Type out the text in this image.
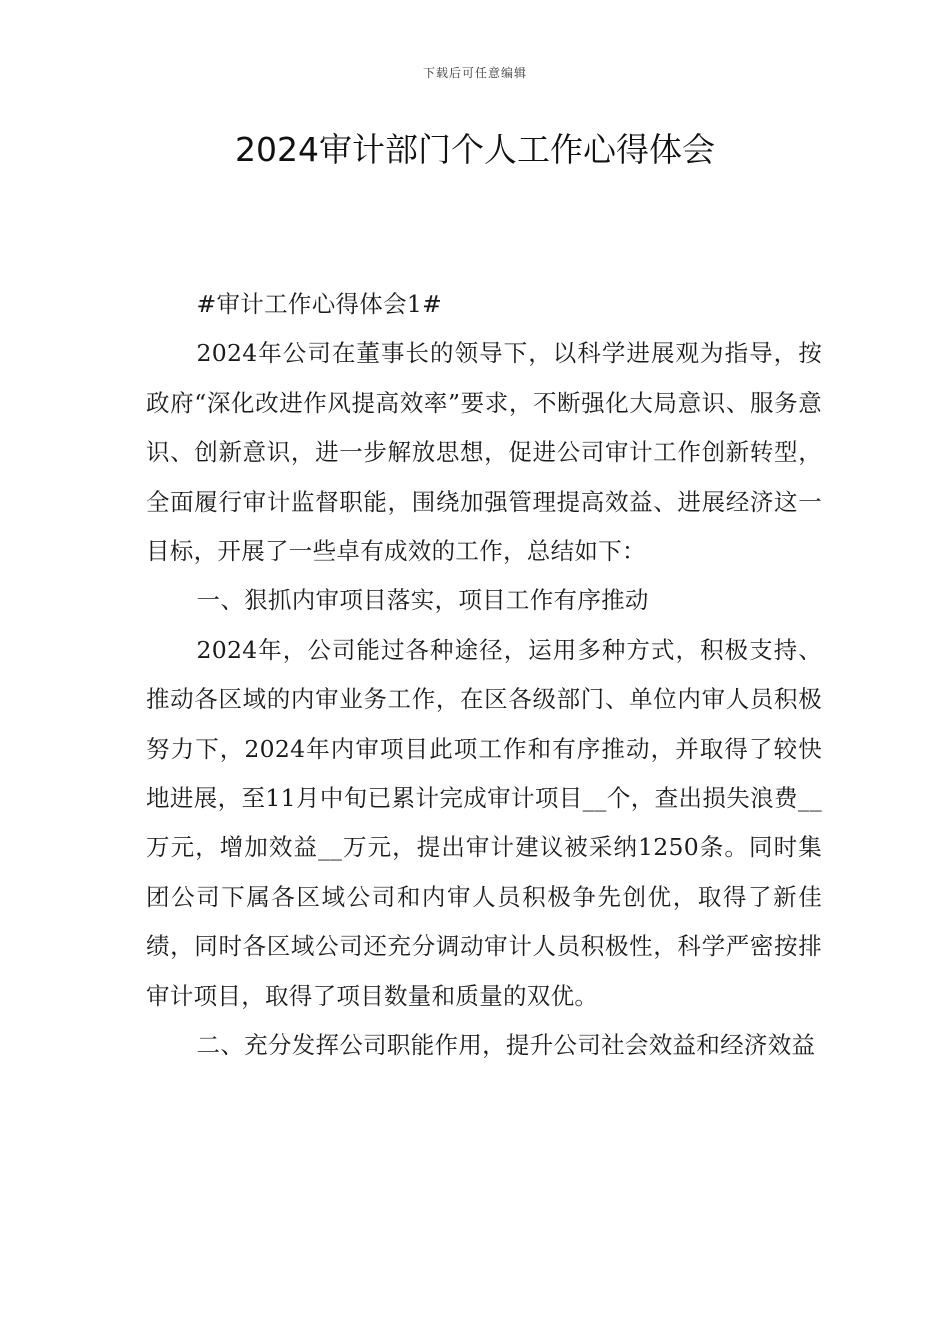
下载后可任意编辑
2024审计部门个人工作心得体会

#审计工作心得体会1#

2024年公司在董事长的领导下，以科学进展观为指导，按政府“深化改进作风提高效率”要求，不断强化大局意识、服务意识、创新意识，进一步解放思想，促进公司审计工作创新转型，全面履行审计监督职能，围绕加强管理提高效益、进展经济这一目标，开展了一些卓有成效的工作，总结如下：

一、狠抓内审项目落实，项目工作有序推动

2024年，公司能过各种途径，运用多种方式，积极支持、推动各区域的内审业务工作，在区各级部门、单位内审人员积极努力下，2024年内审项目此项工作和有序推动，并取得了较快地进展，至11月中旬已累计完成审计项目__个，查出损失浪费__万元，增加效益__万元，提出审计建议被采纳1250条。同时集团公司下属各区域公司和内审人员积极争先创优，取得了新佳绩，同时各区域公司还充分调动审计人员积极性，科学严密按排审计项目，取得了项目数量和质量的双优。

二、充分发挥公司职能作用，提升公司社会效益和经济效益
